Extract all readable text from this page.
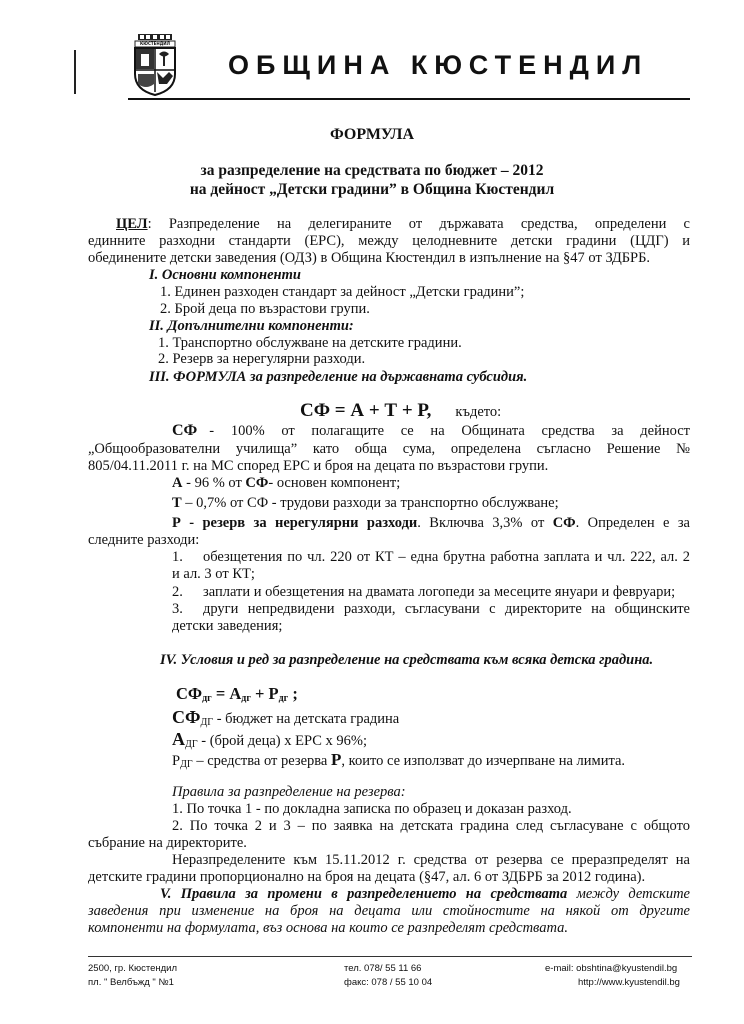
КЮСТЕНДИЛ
ОБЩИНА КЮСТЕНДИЛ
ФОРМУЛА
за разпределение на средствата по бюджет – 2012
на дейност „Детски градини” в Община Кюстендил
ЦЕЛ: Разпределение на делегираните от държавата средства, определени с
единните разходни стандарти (ЕРС), между целодневните детски градини (ЦДГ) и
обединените детски заведения (ОДЗ) в Община Кюстендил в изпълнение на §47 от ЗДБРБ.
I. Основни компоненти
1. Единен разходен стандарт за дейност „Детски градини”;
2. Брой деца по възрастови групи.
II. Допълнителни компоненти:
1. Транспортно обслужване на детските градини.
2. Резерв за нерегулярни разходи.
III. ФОРМУЛА за разпределение на държавната субсидия.
СФ = А + Т + Р, където:
СФ - 100% от полагащите се на Общината средства за дейност
„Общообразователни училища” като обща сума, определена съгласно Решение №
805/04.11.2011 г. на МС според ЕРС и броя на децата по възрастови групи.
А - 96 % от СФ- основен компонент;
Т – 0,7% от СФ - трудови разходи за транспортно обслужване;
Р - резерв за нерегулярни разходи. Включва 3,3% от СФ. Определен е за
следните разходи:
1. обезщетения по чл. 220 от КТ – една брутна работна заплата и чл. 222, ал. 2
и ал. 3 от КТ;
2. заплати и обезщетения на двамата логопеди за месеците януари и февруари;
3. други непредвидени разходи, съгласувани с директорите на общинските
детски заведения;
IV. Условия и ред за разпределение на средствата към всяка детска градина.
$СФ_{дг} = А_{дг} + Р_{дг}$ ;
$СФ_{ДГ}$ - бюджет на детската градина
$А_{ДГ}$ - (брой деца) х ЕРС х 96%;
$Р_{ДГ}$ – средства от резерва Р, които се използват до изчерпване на лимита.
Правила за разпределение на резерва:
1. По точка 1 - по докладна записка по образец и доказан разход.
2. По точка 2 и 3 – по заявка на детската градина след съгласуване с общото
събрание на директорите.
Неразпределените към 15.11.2012 г. средства от резерва се преразпределят на
детските градини пропорционално на броя на децата (§47, ал. 6 от ЗДБРБ за 2012 година).
V. Правила за промени в разпределението на средствата между детските
заведения при изменение на броя на децата или стойностите на някой от другите
компоненти на формулата, въз основа на които се разпределят средствата.
2500, гр. Кюстендил
пл. " Велбъжд " №1
тел. 078/ 55 11 66
факс: 078 / 55 10 04
e-mail: obshtina@kyustendil.bg
http://www.kyustendil.bg
